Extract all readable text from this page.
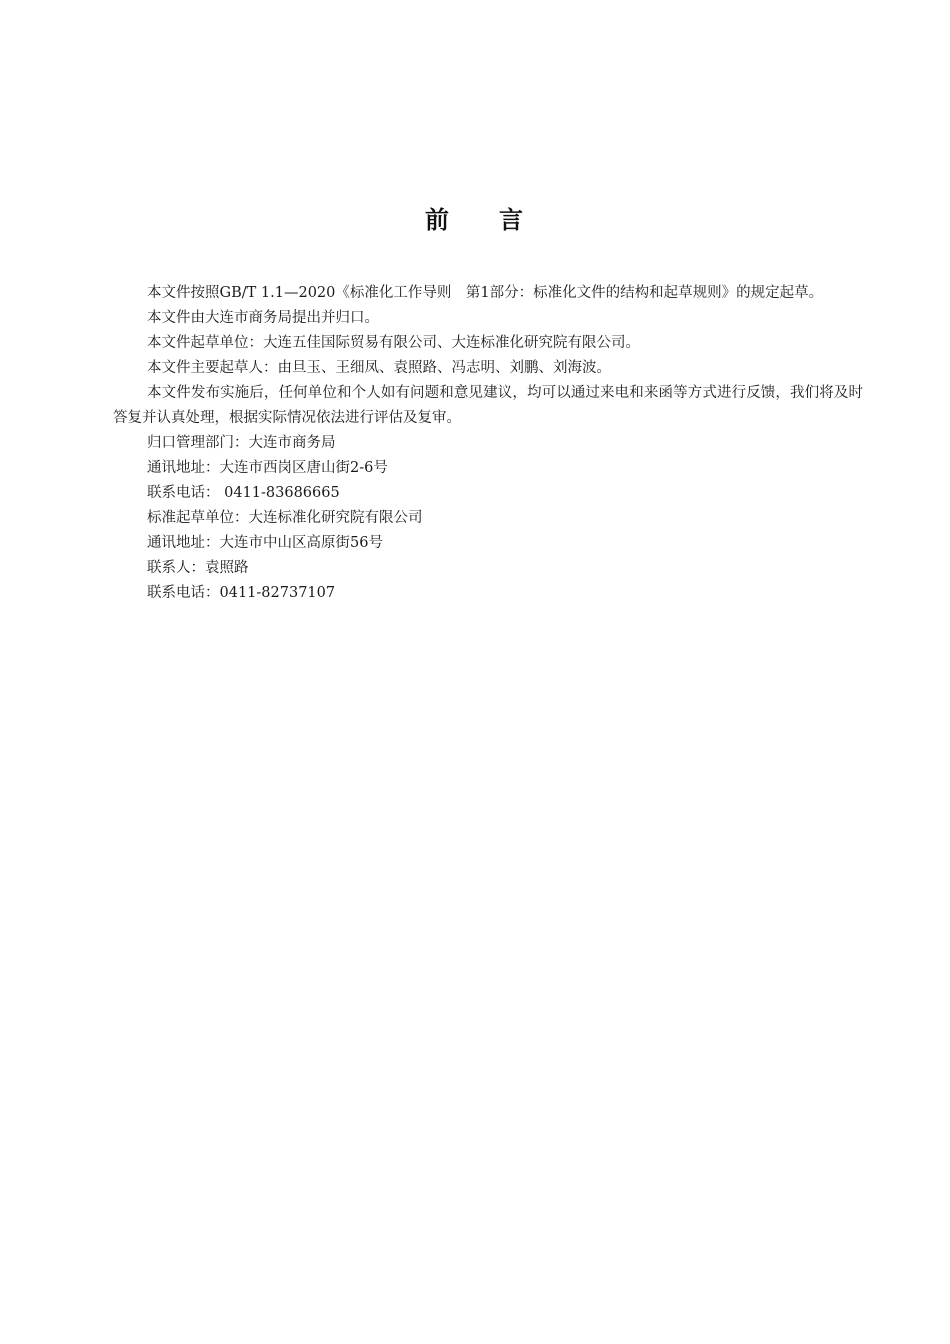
前 言

本文件按照GB/T 1.1—2020《标准化工作导则　第1部分：标准化文件的结构和起草规则》的规定起草。

本文件由大连市商务局提出并归口。

本文件起草单位：大连五佳国际贸易有限公司、大连标准化研究院有限公司。

本文件主要起草人：由旦玉、王细凤、袁照路、冯志明、刘鹏、刘海波。

本文件发布实施后，任何单位和个人如有问题和意见建议，均可以通过来电和来函等方式进行反馈，我们将及时答复并认真处理，根据实际情况依法进行评估及复审。

归口管理部门：大连市商务局

通讯地址：大连市西岗区唐山街2-6号

联系电话： 0411-83686665

标准起草单位：大连标准化研究院有限公司

通讯地址：大连市中山区高原街56号

联系人：袁照路

联系电话：0411-82737107
